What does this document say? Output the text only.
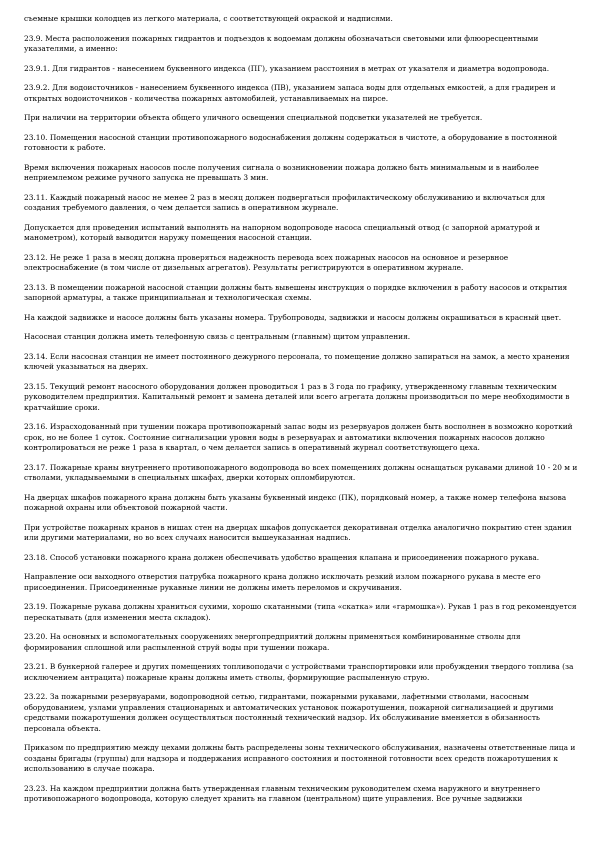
съемные крышки колодцев из легкого материала, с соответствующей окраской и надписями.

23.9. Места расположения пожарных гидрантов и подъездов к водоемам должны обозначаться световыми или флюоресцентными указателями, а именно:

23.9.1. Для гидрантов - нанесением буквенного индекса (ПГ), указанием расстояния в метрах от указателя и диаметра водопровода.

23.9.2. Для водоисточников - нанесением буквенного индекса (ПВ), указанием запаса воды для отдельных емкостей, а для градирен и открытых водоисточников - количества пожарных автомобилей, устанавливаемых на пирсе.

При наличии на территории объекта общего уличного освещения специальной подсветки указателей не требуется.

23.10. Помещения насосной станции противопожарного водоснабжения должны содержаться в чистоте, а оборудование в постоянной готовности к работе.

Время включения пожарных насосов после получения сигнала о возникновении пожара должно быть минимальным и в наиболее неприемлемом режиме ручного запуска не превышать 3 мин.

23.11. Каждый пожарный насос не менее 2 раз в месяц должен подвергаться профилактическому обслуживанию и включаться для создания требуемого давления, о чем делается запись в оперативном журнале.

Допускается для проведения испытаний выполнять на напорном водопроводе насоса специальный отвод (с запорной арматурой и манометром), который выводится наружу помещения насосной станции.

23.12. Не реже 1 раза в месяц должна проверяться надежность перевода всех пожарных насосов на основное и резервное электроснабжение (в том числе от дизельных агрегатов). Результаты регистрируются в оперативном журнале.

23.13. В помещении пожарной насосной станции должны быть вывешены инструкция о порядке включения в работу насосов и открытия запорной арматуры, а также принципиальная и технологическая схемы.

На каждой задвижке и насосе должны быть указаны номера. Трубопроводы, задвижки и насосы должны окрашиваться в красный цвет.

Насосная станция должна иметь телефонную связь с центральным (главным) щитом управления.

23.14. Если насосная станция не имеет постоянного дежурного персонала, то помещение должно запираться на замок, а место хранения ключей указываться на дверях.

23.15. Текущий ремонт насосного оборудования должен проводиться 1 раз в 3 года по графику, утвержденному главным техническим руководителем предприятия. Капитальный ремонт и замена деталей или всего агрегата должны производиться по мере необходимости в кратчайшие сроки.

23.16. Израсходованный при тушении пожара противопожарный запас воды из резервуаров должен быть восполнен в возможно короткий срок, но не более 1 суток. Состояние сигнализации уровня воды в резервуарах и автоматики включения пожарных насосов должно контролироваться не реже 1 раза в квартал, о чем делается запись в оперативный журнал соответствующего цеха.

23.17. Пожарные краны внутреннего противопожарного водопровода во всех помещениях должны оснащаться рукавами длиной 10 - 20 м и стволами, укладываемыми в специальных шкафах, дверки которых опломбируются.

На дверцах шкафов пожарного крана должны быть указаны буквенный индекс (ПК), порядковый номер, а также номер телефона вызова пожарной охраны или объектовой пожарной части.

При устройстве пожарных кранов в нишах стен на дверцах шкафов допускается декоративная отделка аналогично покрытию стен здания или другими материалами, но во всех случаях наносится вышеуказанная надпись.

23.18. Способ установки пожарного крана должен обеспечивать удобство вращения клапана и присоединения пожарного рукава.

Направление оси выходного отверстия патрубка пожарного крана должно исключать резкий излом пожарного рукава в месте его присоединения. Присоединенные рукавные линии не должны иметь переломов и скручивания.

23.19. Пожарные рукава должны храниться сухими, хорошо скатанными (типа «скатка» или «гармошка»). Рукав 1 раз в год рекомендуется перескатывать (для изменения места складок).

23.20. На основных и вспомогательных сооружениях энергопредприятий должны применяться комбинированные стволы для формирования сплошной или распыленной струй воды при тушении пожара.

23.21. В бункерной галерее и других помещениях топливоподачи с устройствами транспортировки или пробуждения твердого топлива (за исключением антрацита) пожарные краны должны иметь стволы, формирующие распыленную струю.

23.22. За пожарными резервуарами, водопроводной сетью, гидрантами, пожарными рукавами, лафетными стволами, насосным оборудованием, узлами управления стационарных и автоматических установок пожаротушения, пожарной сигнализацией и другими средствами пожаротушения должен осуществляться постоянный технический надзор. Их обслуживание вменяется в обязанность персонала объекта.

Приказом по предприятию между цехами должны быть распределены зоны технического обслуживания, назначены ответственные лица и созданы бригады (группы) для надзора и поддержания исправного состояния и постоянной готовности всех средств пожаротушения к использованию в случае пожара.

23.23. На каждом предприятии должна быть утвержденная главным техническим руководителем схема наружного и внутреннего противопожарного водопровода, которую следует хранить на главном (центральном) щите управления. Все ручные задвижки
